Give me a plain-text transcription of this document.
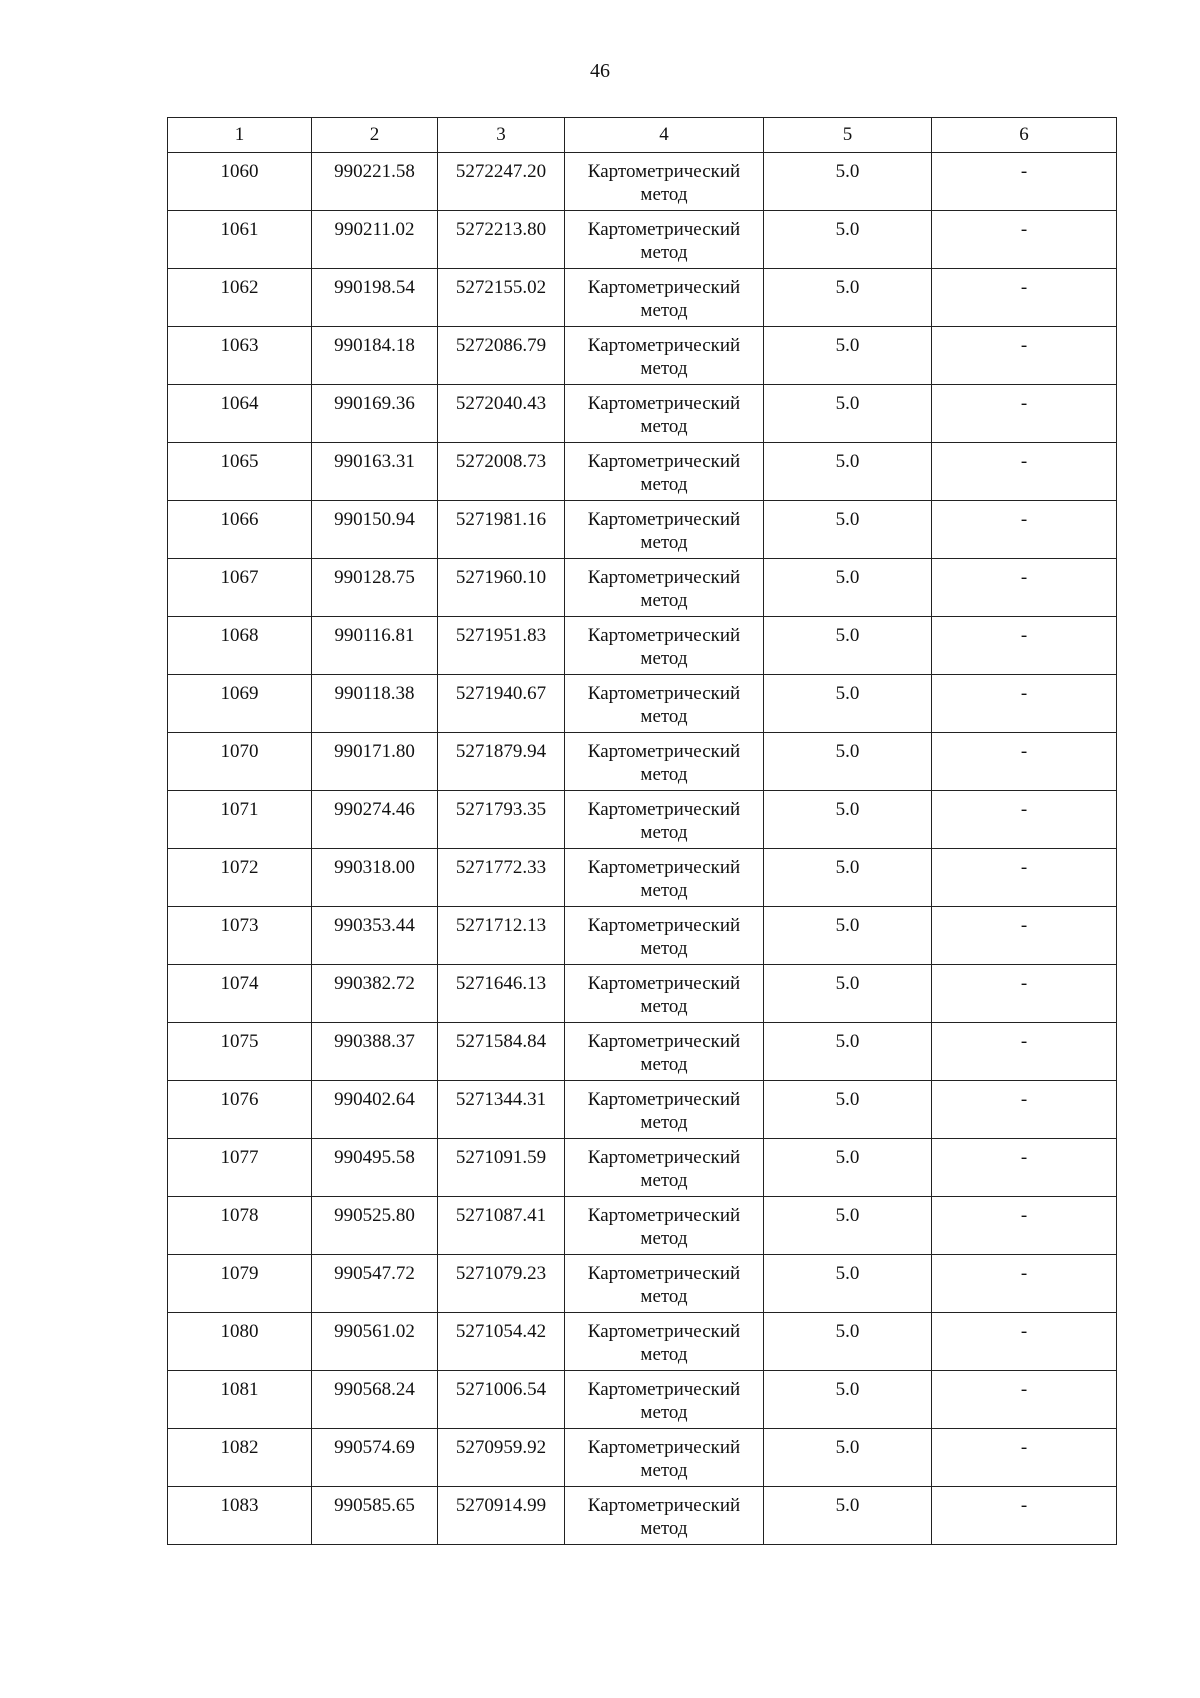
46
1	2	3	4	5	6
1060	990221.58	5272247.20	Картометрический метод	5.0	-
1061	990211.02	5272213.80	Картометрический метод	5.0	-
1062	990198.54	5272155.02	Картометрический метод	5.0	-
1063	990184.18	5272086.79	Картометрический метод	5.0	-
1064	990169.36	5272040.43	Картометрический метод	5.0	-
1065	990163.31	5272008.73	Картометрический метод	5.0	-
1066	990150.94	5271981.16	Картометрический метод	5.0	-
1067	990128.75	5271960.10	Картометрический метод	5.0	-
1068	990116.81	5271951.83	Картометрический метод	5.0	-
1069	990118.38	5271940.67	Картометрический метод	5.0	-
1070	990171.80	5271879.94	Картометрический метод	5.0	-
1071	990274.46	5271793.35	Картометрический метод	5.0	-
1072	990318.00	5271772.33	Картометрический метод	5.0	-
1073	990353.44	5271712.13	Картометрический метод	5.0	-
1074	990382.72	5271646.13	Картометрический метод	5.0	-
1075	990388.37	5271584.84	Картометрический метод	5.0	-
1076	990402.64	5271344.31	Картометрический метод	5.0	-
1077	990495.58	5271091.59	Картометрический метод	5.0	-
1078	990525.80	5271087.41	Картометрический метод	5.0	-
1079	990547.72	5271079.23	Картометрический метод	5.0	-
1080	990561.02	5271054.42	Картометрический метод	5.0	-
1081	990568.24	5271006.54	Картометрический метод	5.0	-
1082	990574.69	5270959.92	Картометрический метод	5.0	-
1083	990585.65	5270914.99	Картометрический метод	5.0	-
